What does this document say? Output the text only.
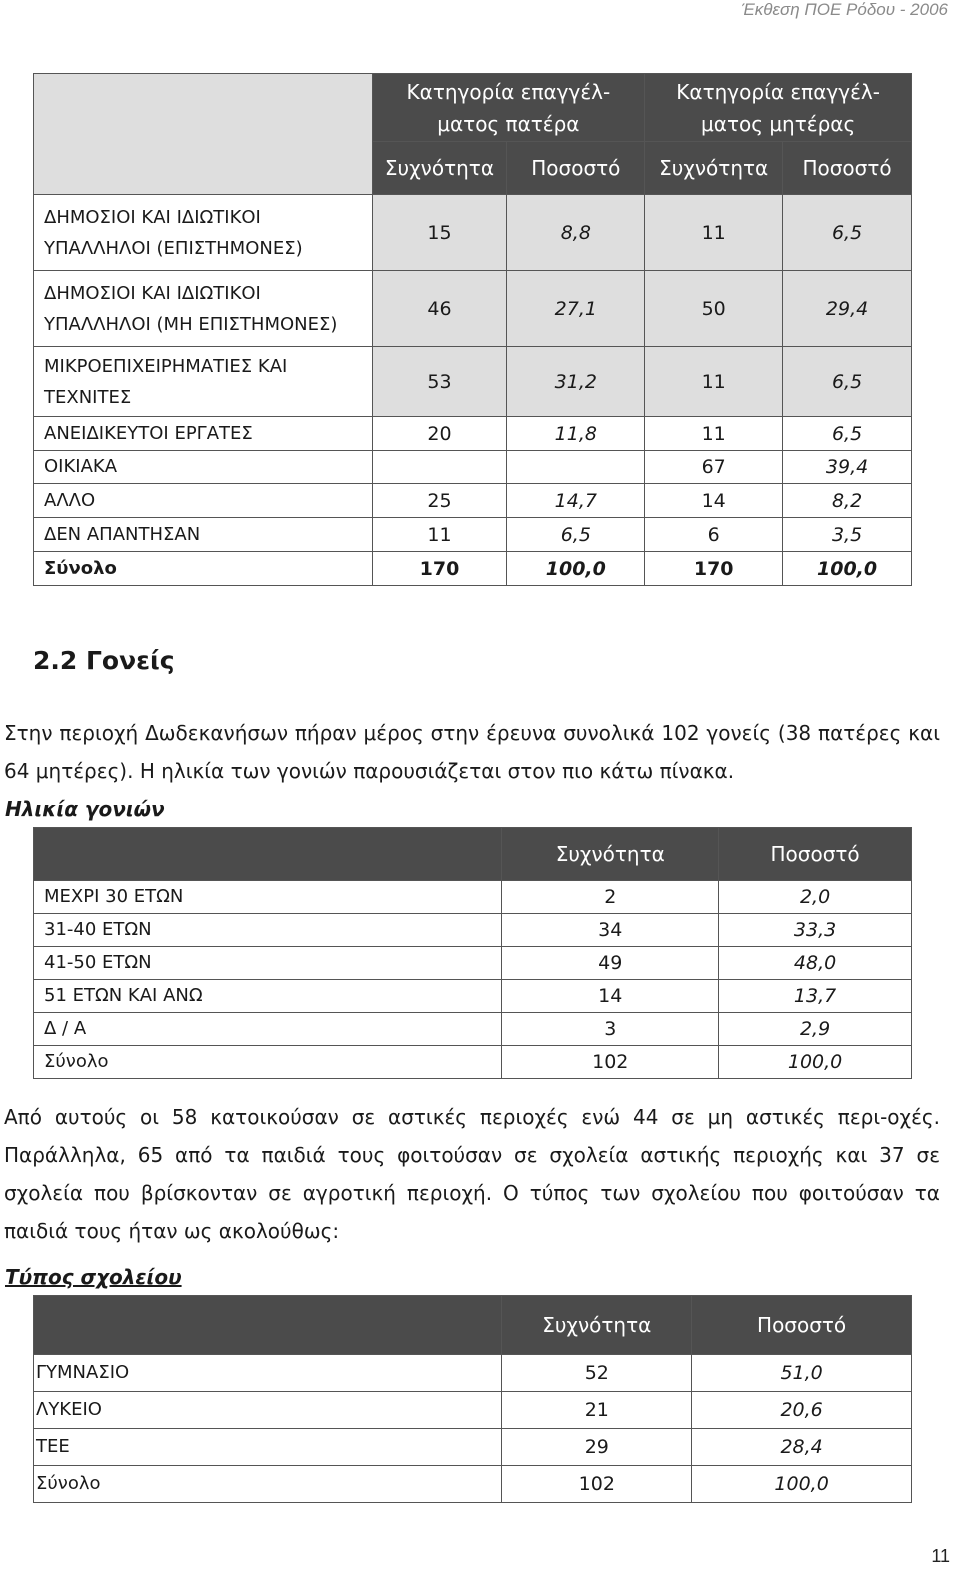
Έκθεση ΠΟΕ Ρόδου - 2006
	Κατηγορία επαγγέλ-
ματος πατέρα		Κατηγορία επαγγέλ-
ματος μητέρας	
	Συχνότητα	Ποσοστό	Συχνότητα	Ποσοστό
ΔΗΜΟΣΙΟΙ ΚΑΙ ΙΔΙΩΤΙΚΟΙ
ΥΠΑΛΛΗΛΟΙ (ΕΠΙΣΤΗΜΟΝΕΣ)	15	8,8	11	6,5
ΔΗΜΟΣΙΟΙ ΚΑΙ ΙΔΙΩΤΙΚΟΙ
ΥΠΑΛΛΗΛΟΙ (ΜΗ ΕΠΙΣΤΗΜΟΝΕΣ)	46	27,1	50	29,4
ΜΙΚΡΟΕΠΙΧΕΙΡΗΜΑΤΙΕΣ ΚΑΙ
ΤΕΧΝΙΤΕΣ	53	31,2	11	6,5
ΑΝΕΙΔΙΚΕΥΤΟΙ ΕΡΓΑΤΕΣ	20	11,8	11	6,5
ΟΙΚΙΑΚΑ			67	39,4
ΑΛΛΟ	25	14,7	14	8,2
ΔΕΝ ΑΠΑΝΤΗΣΑΝ	11	6,5	6	3,5
Σύνολο	170	100,0	170	100,0
2.2 Γονείς
Στην περιοχή Δωδεκανήσων πήραν μέρος στην έρευνα συνολικά 102 γονείς (38 πατέρες και 64 μητέρες). Η ηλικία των γονιών παρουσιάζεται στον πιο κάτω πίνακα.
Ηλικία γονιών
	Συχνότητα	Ποσοστό
ΜΕΧΡΙ 30 ΕΤΩΝ	2	2,0
31-40 ΕΤΩΝ	34	33,3
41-50 ΕΤΩΝ	49	48,0
51 ΕΤΩΝ ΚΑΙ ΑΝΩ	14	13,7
Δ / Α	3	2,9
Σύνολο	102	100,0
Από αυτούς οι 58 κατοικούσαν σε αστικές περιοχές ενώ 44 σε μη αστικές περι-οχές. Παράλληλα, 65 από τα παιδιά τους φοιτούσαν σε σχολεία αστικής περιοχής και 37 σε σχολεία που βρίσκονταν σε αγροτική περιοχή. Ο τύπος των σχολείου που φοιτούσαν τα παιδιά τους ήταν ως ακολούθως:
Τύπος σχολείου
	Συχνότητα	Ποσοστό
ΓΥΜΝΑΣΙΟ	52	51,0
ΛΥΚΕΙΟ	21	20,6
ΤΕΕ	29	28,4
Σύνολο	102	100,0
11
